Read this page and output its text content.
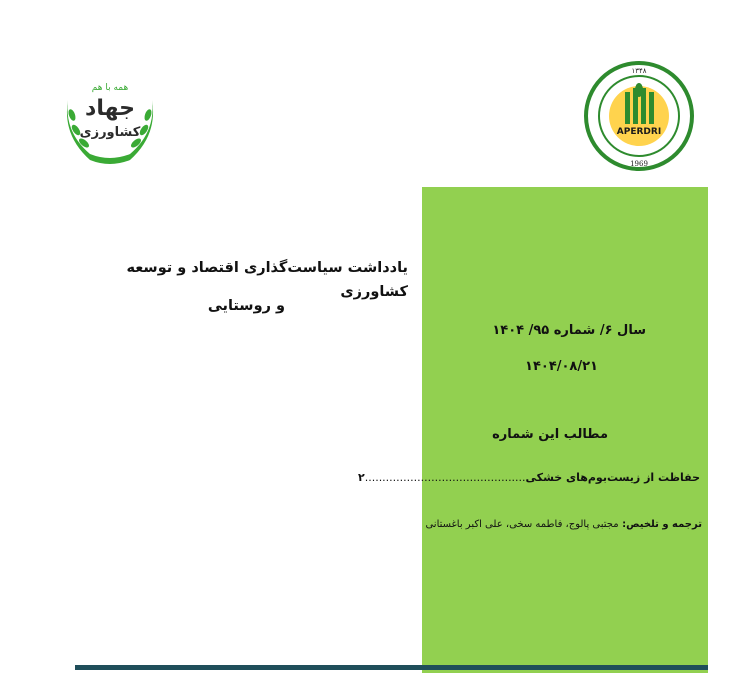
همه با هم
جهاد
کشاورزی	APERDRI
۱۳۴۸
1969
یادداشت سیاست‌گذاری اقتصاد و توسعه کشاورزی
و روستایی
سال ۶/ شماره ۹۵/ ۱۴۰۴
۱۴۰۴/۰۸/۲۱
مطالب این شماره
حفاظت از زیست‌بوم‌های خشکی..............................................۲
ترجمه و تلخیص: مجتبی پالوج، فاطمه سخی، علی اکبر باغستانی
